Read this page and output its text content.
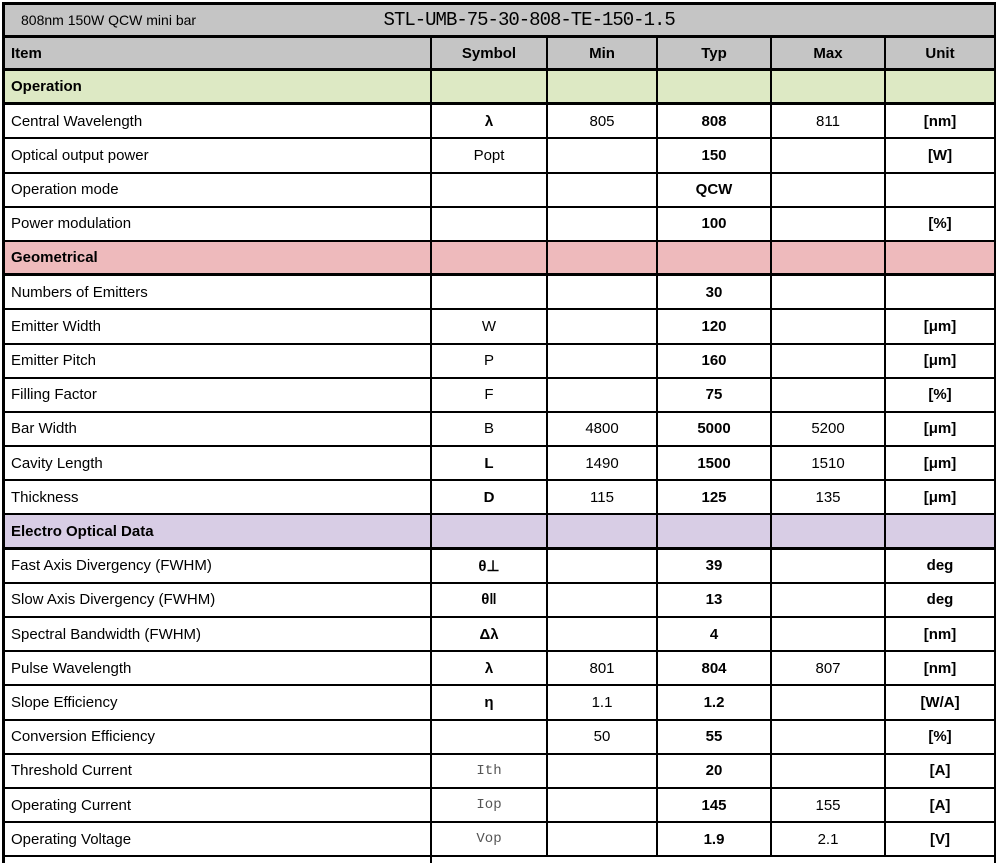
808nm 150W QCW mini bar STL-UMB-75-30-808-TE-150-1.5					

Item	Symbol	Min	Typ	Max	Unit
Operation					
Central Wavelength	λ	805	808	811	[nm]
Optical output power	Popt		150		[W]
Operation mode			QCW		
Power modulation			100		[%]
Geometrical					
Numbers of Emitters			30		
Emitter Width	W		120		[μm]
Emitter Pitch	P		160		[μm]
Filling Factor	F		75		[%]
Bar Width	B	4800	5000	5200	[μm]
Cavity Length	L	1490	1500	1510	[μm]
Thickness	D	115	125	135	[μm]
Electro Optical Data					
Fast Axis Divergency (FWHM)	θ⊥		39		deg
Slow Axis Divergency (FWHM)	θ‖		13		deg
Spectral Bandwidth (FWHM)	Δλ		4		[nm]
Pulse Wavelength	λ	801	804	807	[nm]
Slope Efficiency	η	1.1	1.2		[W/A]
Conversion Efficiency		50	55		[%]
Threshold Current	Ith		20		[A]
Operating Current	Iop		145	155	[A]
Operating Voltage	Vop		1.9	2.1	[V]
